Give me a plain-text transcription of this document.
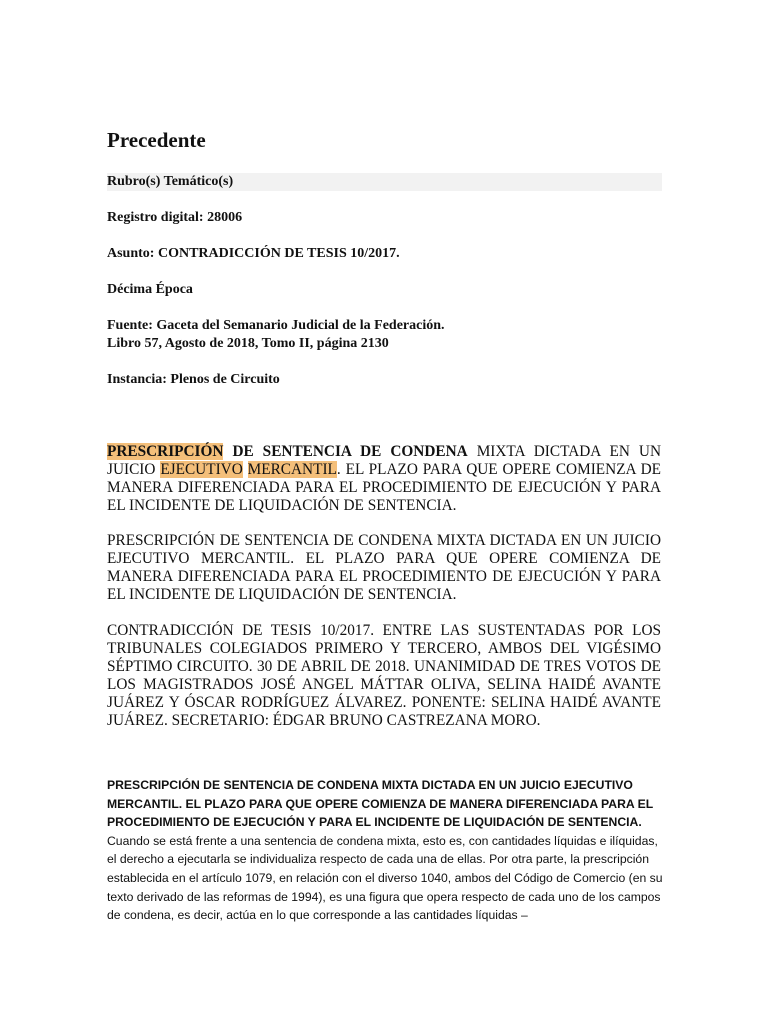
Precedente
Rubro(s) Temático(s)
Registro digital: 28006
Asunto: CONTRADICCIÓN DE TESIS 10/2017.
Décima Época
Fuente: Gaceta del Semanario Judicial de la Federación.
Libro 57, Agosto de 2018, Tomo II, página 2130
Instancia: Plenos de Circuito

PRESCRIPCIÓN DE SENTENCIA DE CONDENA MIXTA DICTADA EN UN JUICIO EJECUTIVO MERCANTIL. EL PLAZO PARA QUE OPERE COMIENZA DE MANERA DIFERENCIADA PARA EL PROCEDIMIENTO DE EJECUCIÓN Y PARA EL INCIDENTE DE LIQUIDACIÓN DE SENTENCIA.

PRESCRIPCIÓN DE SENTENCIA DE CONDENA MIXTA DICTADA EN UN JUICIO EJECUTIVO MERCANTIL. EL PLAZO PARA QUE OPERE COMIENZA DE MANERA DIFERENCIADA PARA EL PROCEDIMIENTO DE EJECUCIÓN Y PARA EL INCIDENTE DE LIQUIDACIÓN DE SENTENCIA.

CONTRADICCIÓN DE TESIS 10/2017. ENTRE LAS SUSTENTADAS POR LOS TRIBUNALES COLEGIADOS PRIMERO Y TERCERO, AMBOS DEL VIGÉSIMO SÉPTIMO CIRCUITO. 30 DE ABRIL DE 2018. UNANIMIDAD DE TRES VOTOS DE LOS MAGISTRADOS JOSÉ ANGEL MÁTTAR OLIVA, SELINA HAIDÉ AVANTE JUÁREZ Y ÓSCAR RODRÍGUEZ ÁLVAREZ. PONENTE: SELINA HAIDÉ AVANTE JUÁREZ. SECRETARIO: ÉDGAR BRUNO CASTREZANA MORO.

PRESCRIPCIÓN DE SENTENCIA DE CONDENA MIXTA DICTADA EN UN JUICIO EJECUTIVO MERCANTIL. EL PLAZO PARA QUE OPERE COMIENZA DE MANERA DIFERENCIADA PARA EL PROCEDIMIENTO DE EJECUCIÓN Y PARA EL INCIDENTE DE LIQUIDACIÓN DE SENTENCIA. Cuando se está frente a una sentencia de condena mixta, esto es, con cantidades líquidas e ilíquidas, el derecho a ejecutarla se individualiza respecto de cada una de ellas. Por otra parte, la prescripción establecida en el artículo 1079, en relación con el diverso 1040, ambos del Código de Comercio (en su texto derivado de las reformas de 1994), es una figura que opera respecto de cada uno de los campos de condena, es decir, actúa en lo que corresponde a las cantidades líquidas –
